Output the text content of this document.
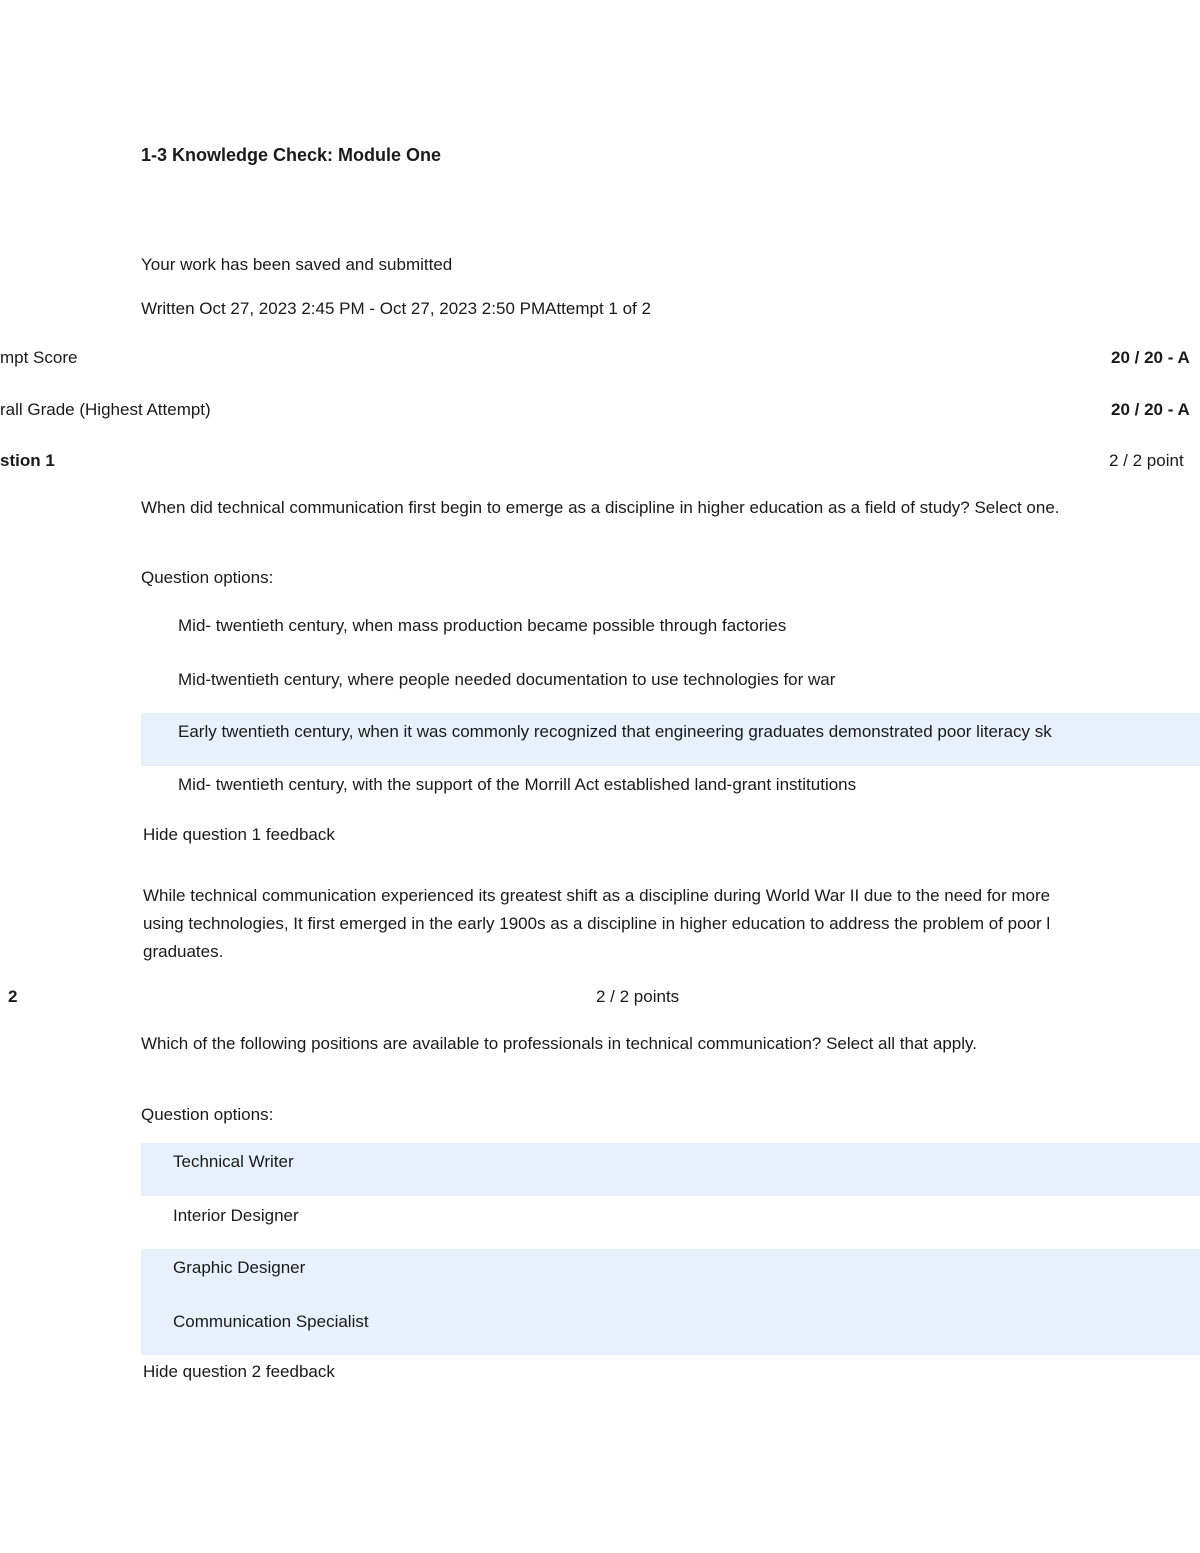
1-3 Knowledge Check: Module One
Your work has been saved and submitted
Written Oct 27, 2023 2:45 PM - Oct 27, 2023 2:50 PMAttempt 1 of 2
mpt Score	20 / 20 - A
rall Grade (Highest Attempt)	20 / 20 - A
stion 1	2 / 2 point
When did technical communication first begin to emerge as a discipline in higher education as a field of study? Select one.
Question options:
Mid- twentieth century, when mass production became possible through factories
Mid-twentieth century, where people needed documentation to use technologies for war
Early twentieth century, when it was commonly recognized that engineering graduates demonstrated poor literacy sk
Mid- twentieth century, with the support of the Morrill Act established land-grant institutions
Hide question 1 feedback
While technical communication experienced its greatest shift as a discipline during World War II due to the need for more
using technologies, It first emerged in the early 1900s as a discipline in higher education to address the problem of poor l
graduates.
2	2 / 2 points
Which of the following positions are available to professionals in technical communication? Select all that apply.
Question options:
Technical Writer
Interior Designer
Graphic Designer
Communication Specialist
Hide question 2 feedback
